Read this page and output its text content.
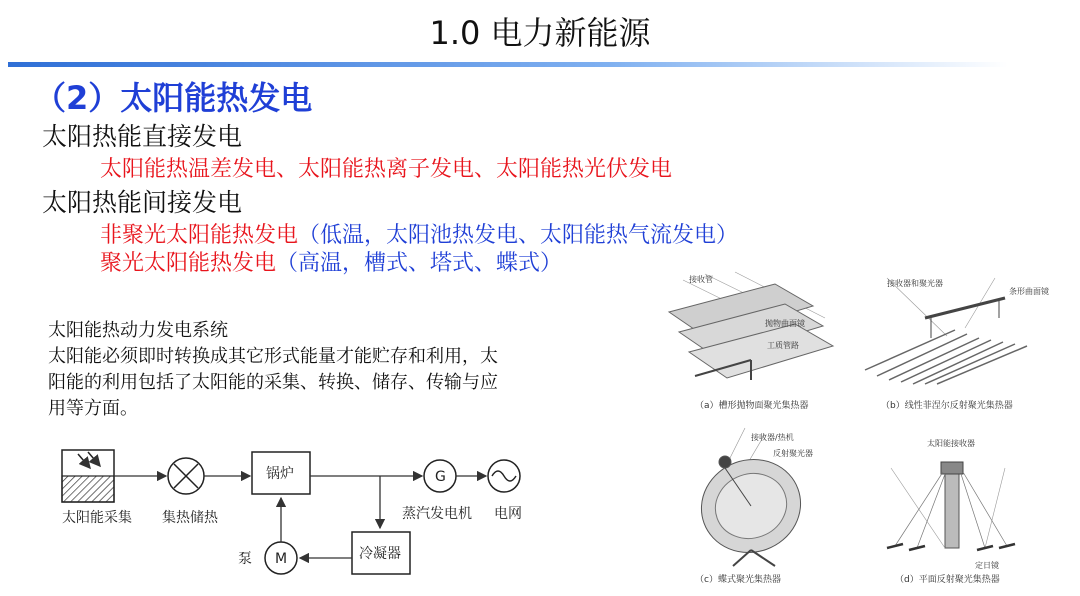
1.0 电力新能源
（2）太阳能热发电
太阳热能直接发电
太阳能热温差发电、太阳能热离子发电、太阳能热光伏发电
太阳热能间接发电
非聚光太阳能热发电（低温，太阳池热发电、太阳能热气流发电）
聚光太阳能热发电（高温，槽式、塔式、蝶式）
太阳能热动力发电系统
太阳能必须即时转换成其它形式能量才能贮存和利用，太
阳能的利用包括了太阳能的采集、转换、储存、传输与应
用等方面。
太阳能采集 集热储热
锅炉	G
蒸汽发电机 电网
冷凝器
M
泵
接收管
抛物曲面镜
工质管路
（a）槽形抛物面聚光集热器
接收器和聚光器
条形曲面镜
（b）线性菲涅尔反射聚光集热器
接收器/热机
反射聚光器
（c）蝶式聚光集热器
太阳能接收器
定日镜
（d）平面反射聚光集热器
